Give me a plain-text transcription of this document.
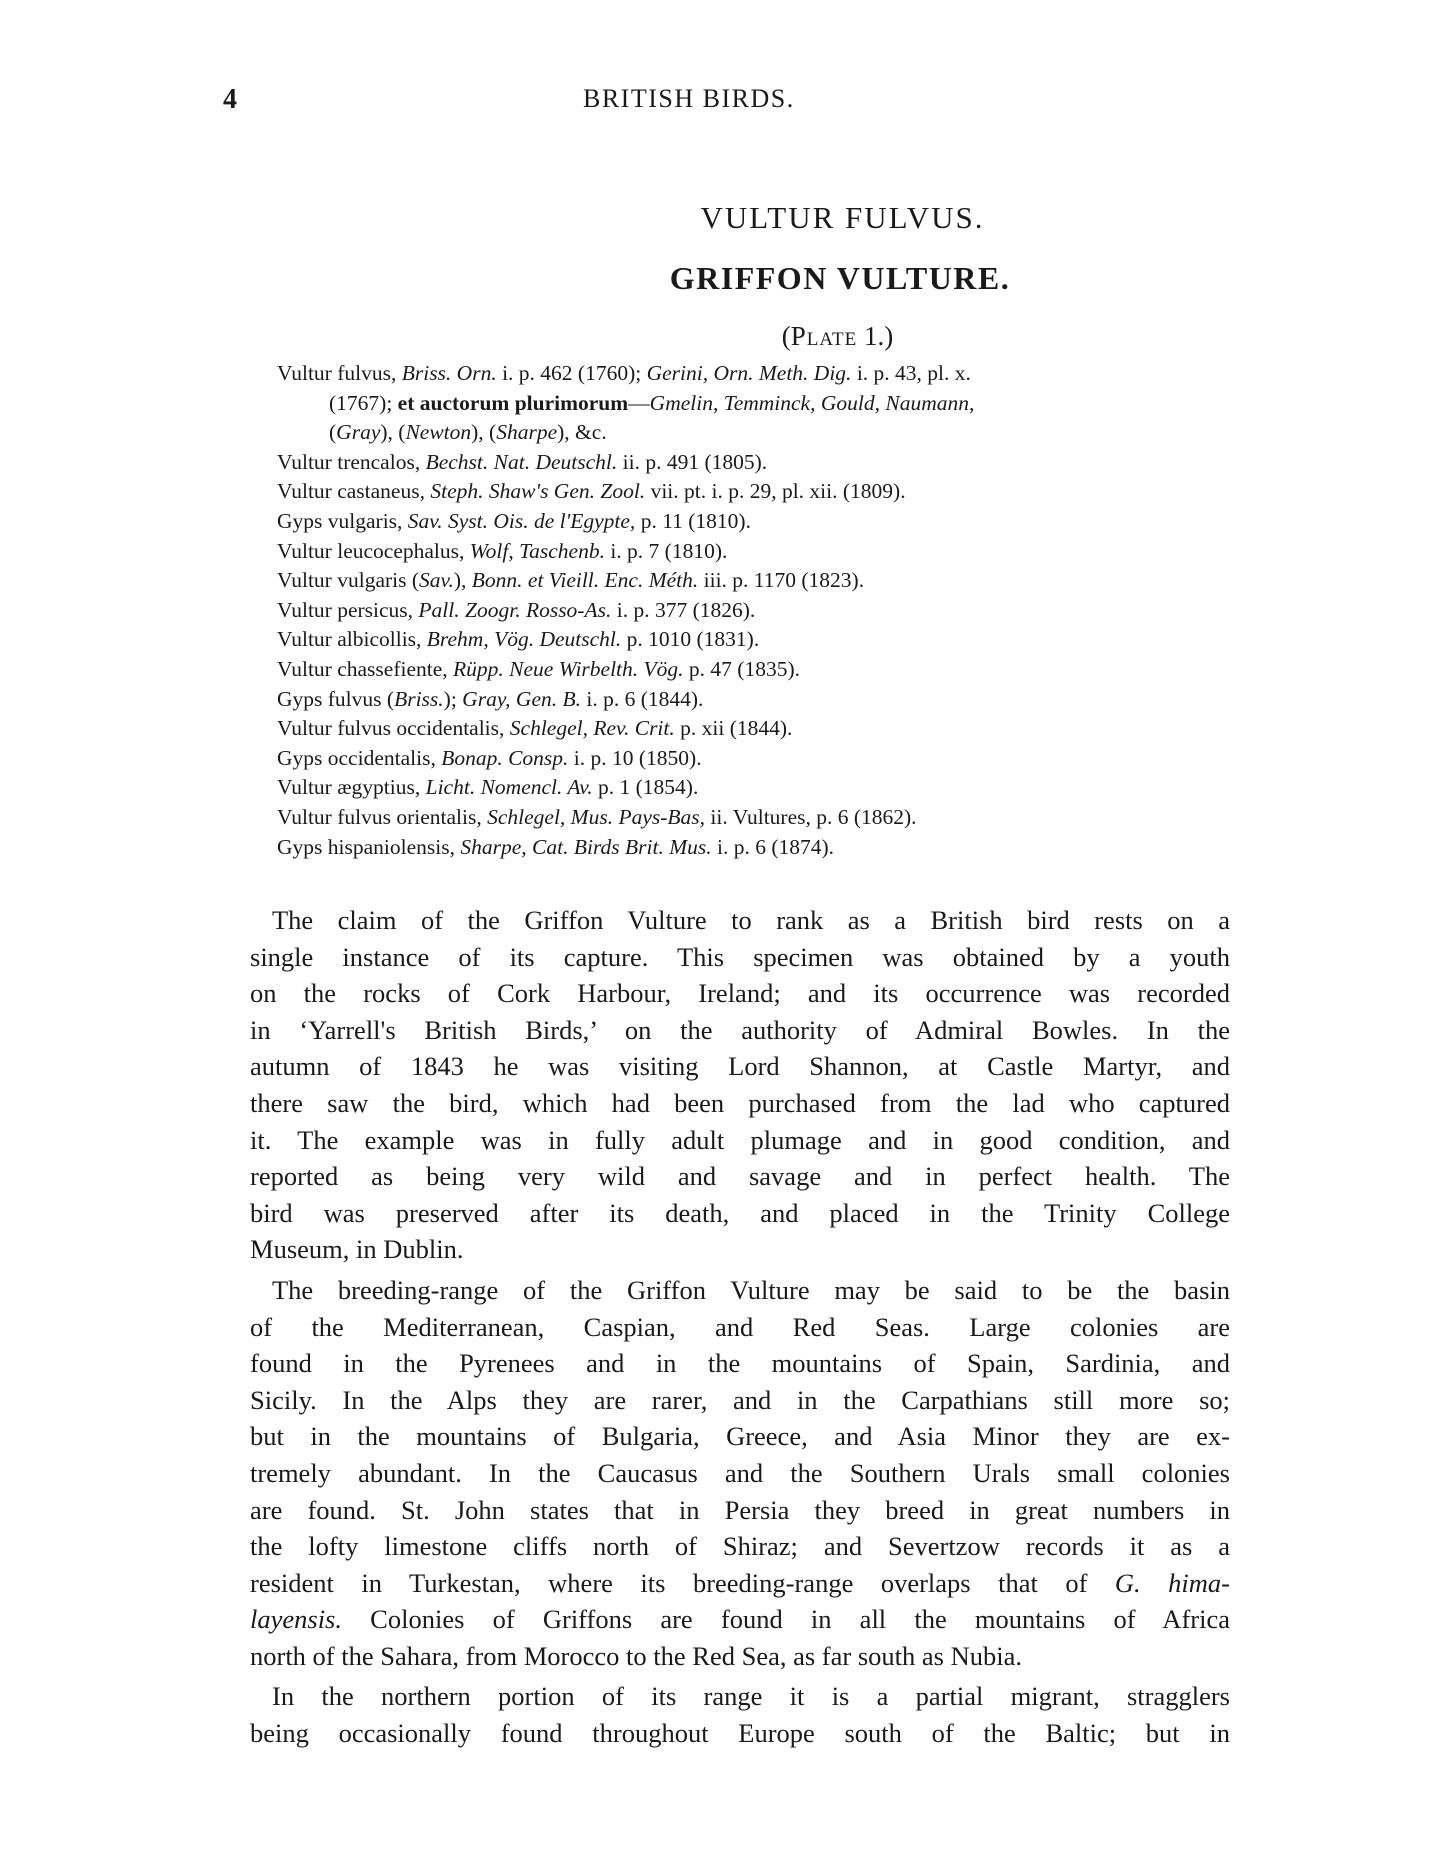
4	BRITISH BIRDS.
VULTUR FULVUS.
GRIFFON VULTURE.
(Plate 1.)
Vultur fulvus, Briss. Orn. i. p. 462 (1760); Gerini, Orn. Meth. Dig. i. p. 43, pl. x.
(1767); et auctorum plurimorum—Gmelin, Temminck, Gould, Naumann,
(Gray), (Newton), (Sharpe), &c.
Vultur trencalos, Bechst. Nat. Deutschl. ii. p. 491 (1805).
Vultur castaneus, Steph. Shaw's Gen. Zool. vii. pt. i. p. 29, pl. xii. (1809).
Gyps vulgaris, Sav. Syst. Ois. de l'Egypte, p. 11 (1810).
Vultur leucocephalus, Wolf, Taschenb. i. p. 7 (1810).
Vultur vulgaris (Sav.), Bonn. et Vieill. Enc. Méth. iii. p. 1170 (1823).
Vultur persicus, Pall. Zoogr. Rosso-As. i. p. 377 (1826).
Vultur albicollis, Brehm, Vög. Deutschl. p. 1010 (1831).
Vultur chassefiente, Rüpp. Neue Wirbelth. Vög. p. 47 (1835).
Gyps fulvus (Briss.); Gray, Gen. B. i. p. 6 (1844).
Vultur fulvus occidentalis, Schlegel, Rev. Crit. p. xii (1844).
Gyps occidentalis, Bonap. Consp. i. p. 10 (1850).
Vultur ægyptius, Licht. Nomencl. Av. p. 1 (1854).
Vultur fulvus orientalis, Schlegel, Mus. Pays-Bas, ii. Vultures, p. 6 (1862).
Gyps hispaniolensis, Sharpe, Cat. Birds Brit. Mus. i. p. 6 (1874).
The claim of the Griffon Vulture to rank as a British bird rests on a
single instance of its capture. This specimen was obtained by a youth
on the rocks of Cork Harbour, Ireland; and its occurrence was recorded
in ‘Yarrell's British Birds,’ on the authority of Admiral Bowles. In the
autumn of 1843 he was visiting Lord Shannon, at Castle Martyr, and
there saw the bird, which had been purchased from the lad who captured
it. The example was in fully adult plumage and in good condition, and
reported as being very wild and savage and in perfect health. The
bird was preserved after its death, and placed in the Trinity College
Museum, in Dublin.
The breeding-range of the Griffon Vulture may be said to be the basin
of the Mediterranean, Caspian, and Red Seas. Large colonies are
found in the Pyrenees and in the mountains of Spain, Sardinia, and
Sicily. In the Alps they are rarer, and in the Carpathians still more so;
but in the mountains of Bulgaria, Greece, and Asia Minor they are ex-
tremely abundant. In the Caucasus and the Southern Urals small colonies
are found. St. John states that in Persia they breed in great numbers in
the lofty limestone cliffs north of Shiraz; and Severtzow records it as a
resident in Turkestan, where its breeding-range overlaps that of G. hima-
layensis. Colonies of Griffons are found in all the mountains of Africa
north of the Sahara, from Morocco to the Red Sea, as far south as Nubia.
In the northern portion of its range it is a partial migrant, stragglers
being occasionally found throughout Europe south of the Baltic; but in
